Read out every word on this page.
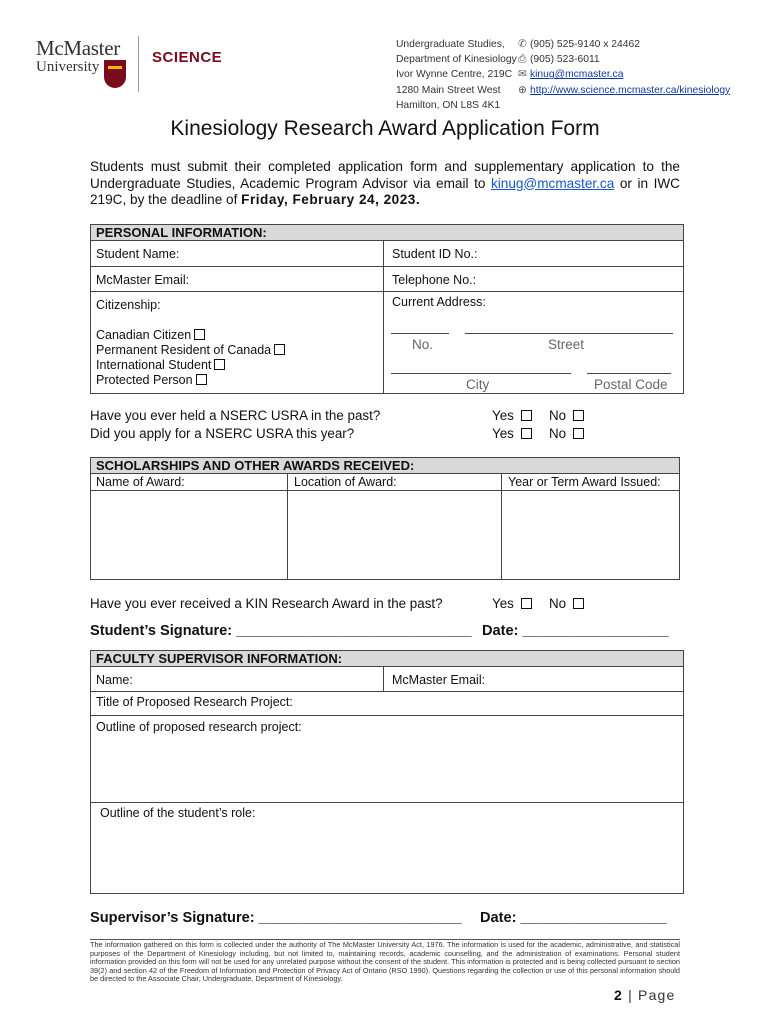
McMaster
University
SCIENCE
Undergraduate Studies,
Department of Kinesiology
Ivor Wynne Centre, 219C
1280 Main Street West
Hamilton, ON L8S 4K1
✆ (905) 525-9140 x 24462
⎙ (905) 523-6011
✉ kinug@mcmaster.ca
⊕ http://www.science.mcmaster.ca/kinesiology
Kinesiology Research Award Application Form
Students must submit their completed application form and supplementary application to the Undergraduate Studies, Academic Program Advisor via email to kinug@mcmaster.ca or in IWC 219C, by the deadline of Friday, February 24, 2023.
PERSONAL INFORMATION:
Student Name:	Student ID No.:
McMaster Email:	Telephone No.:
Citizenship:
Canadian Citizen
Permanent Resident of Canada
International Student
Protected Person
Current Address:
No.	Street
City	Postal Code
Have you ever held a NSERC USRA in the past?	Yes	No
Did you apply for a NSERC USRA this year?	Yes	No
SCHOLARSHIPS AND OTHER AWARDS RECEIVED:
Name of Award:	Location of Award:	Year or Term Award Issued:
Have you ever received a KIN Research Award in the past?	Yes	No
Student’s Signature: _____________________________ Date: __________________
FACULTY SUPERVISOR INFORMATION:
Name:	McMaster Email:
Title of Proposed Research Project:
Outline of proposed research project:
Outline of the student’s role:
Supervisor’s Signature: _________________________ Date: __________________
The information gathered on this form is collected under the authority of The McMaster University Act, 1976. The information is used for the academic, administrative, and statistical purposes of the Department of Kinesiology including, but not limited to, maintaining records, academic counselling, and the administration of examinations. Personal student information provided on this form will not be used for any unrelated purpose without the consent of the student. This information is protected and is being collected pursuant to section 39(2) and section 42 of the Freedom of Information and Protection of Privacy Act of Ontario (RSO 1990). Questions regarding the collection or use of this personal information should be directed to the Associate Chair, Undergraduate, Department of Kinesiology.
2 | Page
